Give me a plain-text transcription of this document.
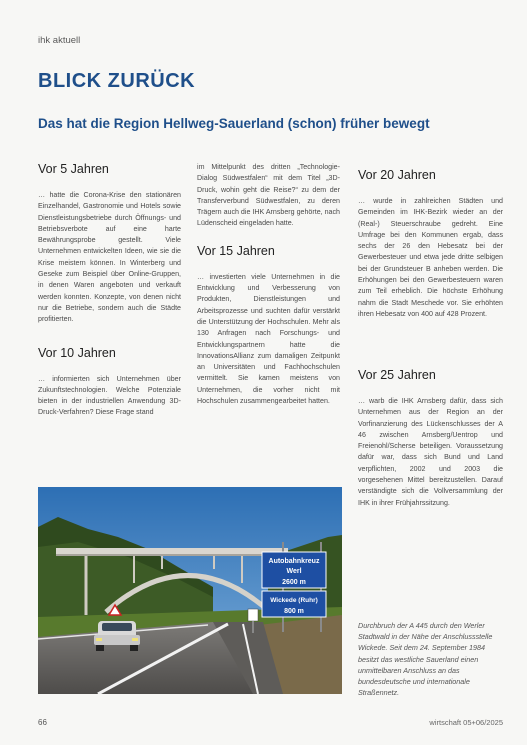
ihk aktuell
BLICK ZURÜCK
Das hat die Region Hellweg-Sauerland (schon) früher bewegt
Vor 5 Jahren

… hatte die Corona-Krise den stationären Einzelhandel, Gastronomie und Hotels sowie Dienstleistungsbetriebe durch Öffnungs- und Betriebsverbote auf eine harte Bewährungsprobe gestellt. Viele Unternehmen entwickelten Ideen, wie sie die Krise meistern können. In Winterberg und Geseke zum Beispiel über Online-Gruppen, in denen Waren angeboten und verkauft werden konnten. Konzepte, von denen nicht nur die Betriebe, sondern auch die Städte profitierten.

Vor 10 Jahren

… informierten sich Unternehmen über Zukunftstechnologien. Welche Potenziale bieten in der industriellen Anwendung 3D-Druck-Verfahren? Diese Frage stand

im Mittelpunkt des dritten „Technologie-Dialog Südwestfalen“ mit dem Titel „3D-Druck, wohin geht die Reise?“ zu dem der Transferverbund Südwestfalen, zu deren Trägern auch die IHK Arnsberg gehörte, nach Lüdenscheid eingeladen hatte.

Vor 15 Jahren

… investierten viele Unternehmen in die Entwicklung und Verbesserung von Produkten, Dienstleistungen und Arbeitsprozesse und suchten dafür verstärkt die Unterstützung der Hochschulen. Mehr als 130 Anfragen nach Forschungs- und Entwicklungspartnern hatte die InnovationsAllianz zum damaligen Zeitpunkt an Universitäten und Fachhochschulen vermittelt. Sie kamen meistens von Unternehmen, die vorher nicht mit Hochschulen zusammengearbeitet hatten.

Vor 20 Jahren

… wurde in zahlreichen Städten und Gemeinden im IHK-Bezirk wieder an der (Real-) Steuerschraube gedreht. Eine Umfrage bei den Kommunen ergab, dass sechs der 26 den Hebesatz bei der Gewerbesteuer und etwa jede dritte selbigen bei der Grundsteuer B anheben werden. Die Erhöhungen bei den Gewerbesteuern waren zum Teil erheblich. Die höchste Erhöhung nahm die Stadt Meschede vor. Sie erhöhten ihren Hebesatz von 400 auf 428 Prozent.

Vor 25 Jahren

… warb die IHK Arnsberg dafür, dass sich Unternehmen aus der Region an der Vorfinanzierung des Lückenschlusses der A 46 zwischen Arnsberg/Uentrop und Freienohl/Scherse beteiligen. Voraussetzung dafür war, dass sich Bund und Land verpflichten, 2002 und 2003 die vorgesehenen Mittel bereitzustellen. Darauf verständigte sich die Vollversammlung der IHK in ihrer Frühjahrssitzung.

Autobahnkreuz
Werl
2600 m
Wickede (Ruhr)
800 m

Durchbruch der A 445 durch den Werler Stadtwald in der Nähe der Anschlussstelle Wickede. Seit dem 24. September 1984 besitzt das westliche Sauerland einen unmittelbaren Anschluss an das bundesdeutsche und internationale Straßennetz.

66	wirtschaft 05+06/2025
